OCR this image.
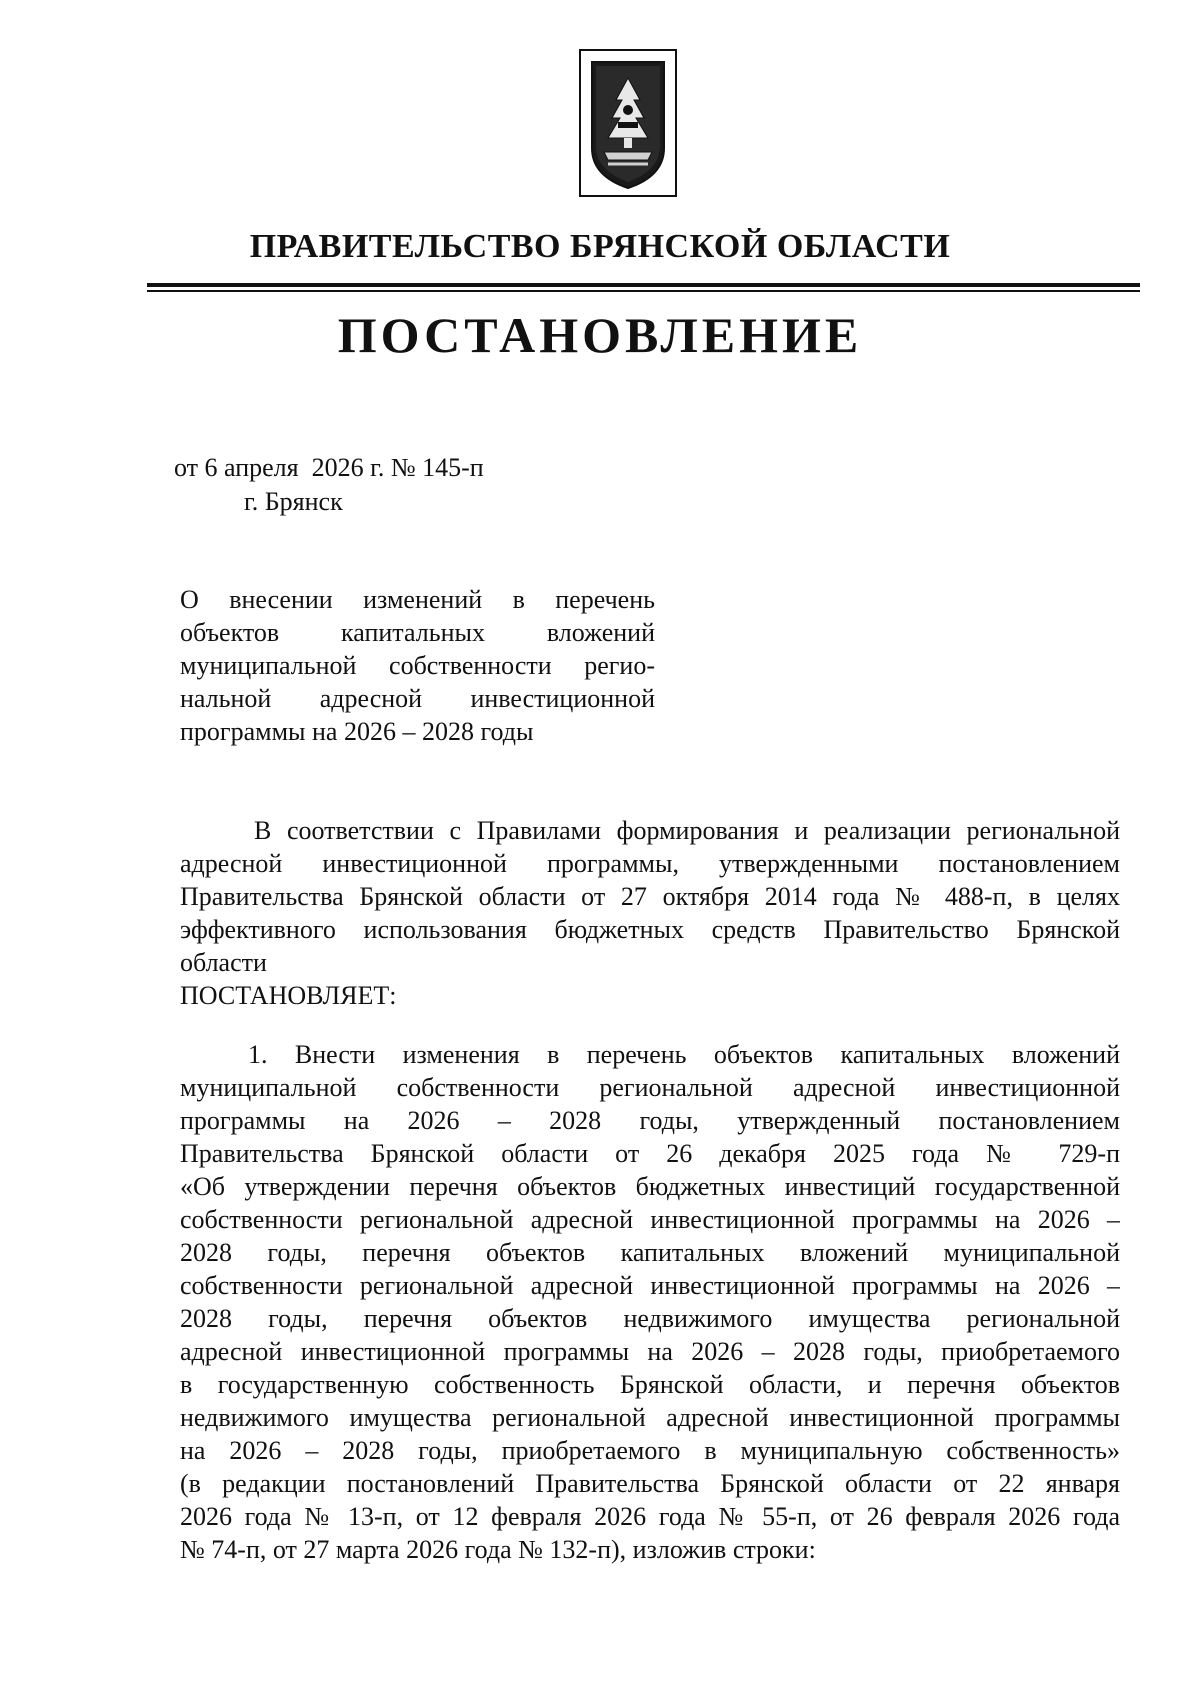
ПРАВИТЕЛЬСТВО БРЯНСКОЙ ОБЛАСТИ
ПОСТАНОВЛЕНИЕ
от 6 апреля  2026 г. № 145-п
г. Брянск
О внесении изменений в перечень
объектов капитальных вложений
муниципальной собственности регио-
нальной адресной инвестиционной
программы на 2026 – 2028 годы
В соответствии с Правилами формирования и реализации региональной
адресной инвестиционной программы, утвержденными постановлением
Правительства Брянской области от 27 октября 2014 года № 488-п, в целях
эффективного использования бюджетных средств Правительство Брянской
области
ПОСТАНОВЛЯЕТ:
1. Внести изменения в перечень объектов капитальных вложений
муниципальной собственности региональной адресной инвестиционной
программы на 2026 – 2028 годы, утвержденный постановлением
Правительства Брянской области от 26 декабря 2025 года № 729-п
«Об утверждении перечня объектов бюджетных инвестиций государственной
собственности региональной адресной инвестиционной программы на 2026 –
2028 годы, перечня объектов капитальных вложений муниципальной
собственности региональной адресной инвестиционной программы на 2026 –
2028 годы, перечня объектов недвижимого имущества региональной
адресной инвестиционной программы на 2026 – 2028 годы, приобретаемого
в государственную собственность Брянской области, и перечня объектов
недвижимого имущества региональной адресной инвестиционной программы
на 2026 – 2028 годы, приобретаемого в муниципальную собственность»
(в редакции постановлений Правительства Брянской области от 22 января
2026 года № 13-п, от 12 февраля 2026 года № 55-п, от 26 февраля 2026 года
№ 74-п, от 27 марта 2026 года № 132-п), изложив строки:
